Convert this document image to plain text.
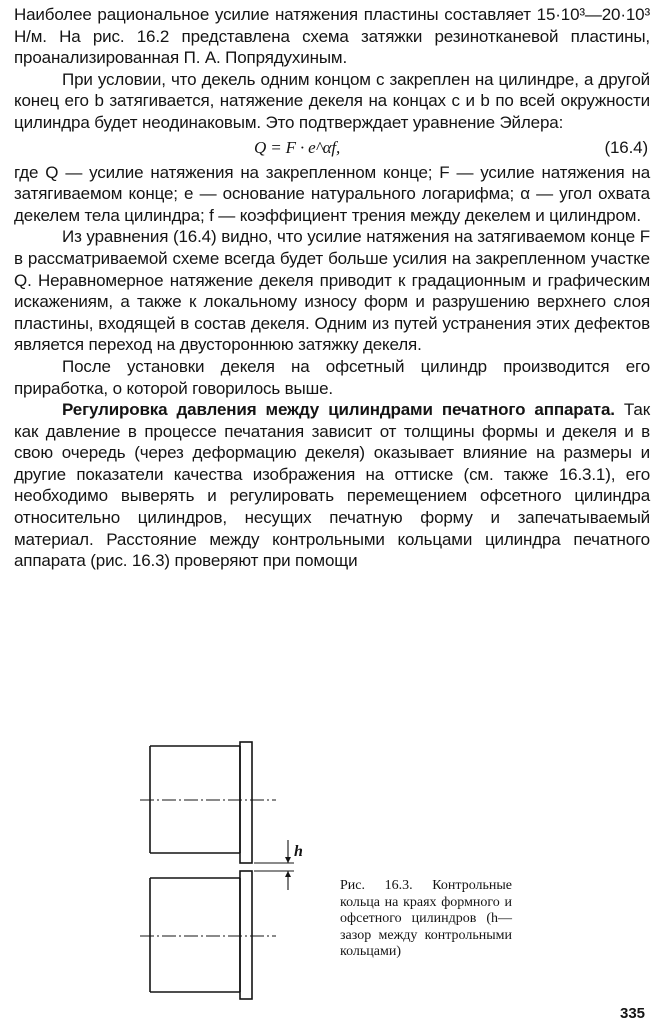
Наиболее рациональное усилие натяжения пластины составляет 15·10³—20·10³ Н/м. На рис. 16.2 представлена схема затяжки резинотканевой пластины, проанализированная П. А. Попрядухиным.

При условии, что декель одним концом c закреплен на цилиндре, а другой конец его b затягивается, натяжение декеля на концах c и b по всей окружности цилиндра будет неодинаковым. Это подтверждает уравнение Эйлера:

Q = F · e^αf,	(16.4)

где Q — усилие натяжения на закрепленном конце; F — усилие натяжения на затягиваемом конце; e — основание натурального логарифма; α — угол охвата декелем тела цилиндра; f — коэффициент трения между декелем и цилиндром.

Из уравнения (16.4) видно, что усилие натяжения на затягиваемом конце F в рассматриваемой схеме всегда будет больше усилия на закрепленном участке Q. Неравномерное натяжение декеля приводит к градационным и графическим искажениям, а также к локальному износу форм и разрушению верхнего слоя пластины, входящей в состав декеля. Одним из путей устранения этих дефектов является переход на двустороннюю затяжку декеля.

После установки декеля на офсетный цилиндр производится его приработка, о которой говорилось выше.

Регулировка давления между цилиндрами печатного аппарата. Так как давление в процессе печатания зависит от толщины формы и декеля и в свою очередь (через деформацию декеля) оказывает влияние на размеры и другие показатели качества изображения на оттиске (см. также 16.3.1), его необходимо выверять и регулировать перемещением офсетного цилиндра относительно цилиндров, несущих печатную форму и запечатываемый материал. Расстояние между контрольными кольцами цилиндра печатного аппарата (рис. 16.3) проверяют при помощи

h
Рис. 16.3. Контрольные кольца на краях формного и офсетного цилиндров (h—зазор между контрольными кольцами)
335
